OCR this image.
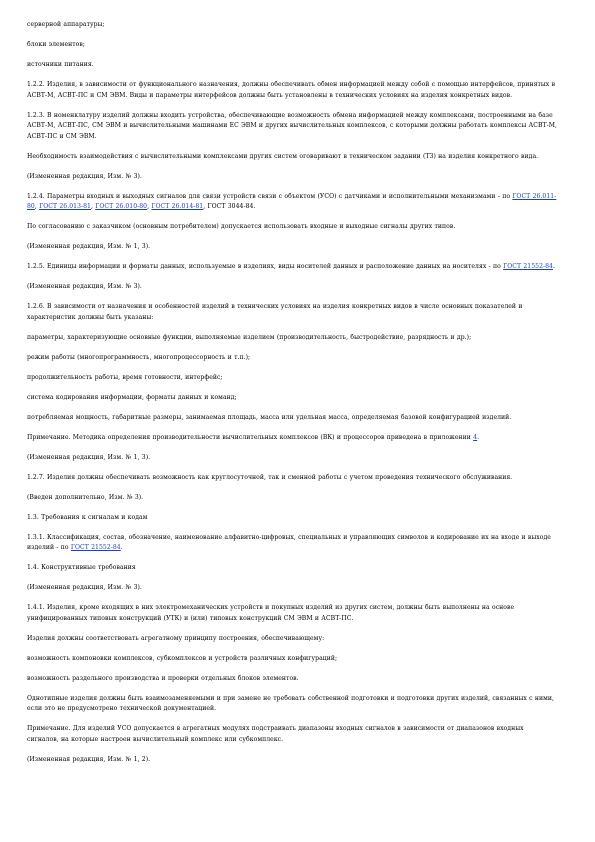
серверной аппаратуры;

блоки элементов;

источники питания.

1.2.2. Изделия, в зависимости от функционального назначения, должны обеспечивать обмен информацией между собой с помощью интерфейсов, принятых в АСВТ-М, АСВТ-ПС и СМ ЭВМ. Виды и параметры интерфейсов должны быть установлены в технических условиях на изделия конкретных видов.

1.2.3. В номенклатуру изделий должны входить устройства, обеспечивающие возможность обмена информацией между комплексами, построенными на базе АСВТ-М, АСВТ-ПС, СМ ЭВМ и вычислительными машинами ЕС ЭВМ и других вычислительных комплексов, с которыми должны работать комплексы АСВТ-М, АСВТ-ПС и СМ ЭВМ.

Необходимость взаимодействия с вычислительными комплексами других систем оговаривают в техническом задании (ТЗ) на изделия конкретного вида.

(Измененная редакция, Изм. № 3).

1.2.4. Параметры входных и выходных сигналов для связи устройств связи с объектом (УСО) с датчиками и исполнительными механизмами - по ГОСТ 26.011-80, ГОСТ 26.013-81, ГОСТ 26.010-80, ГОСТ 26.014-81, ГОСТ 3044-84.

По согласованию с заказчиком (основным потребителем) допускается использовать входные и выходные сигналы других типов.

(Измененная редакция, Изм. № 1, 3).

1.2.5. Единицы информации и форматы данных, используемые в изделиях, виды носителей данных и расположение данных на носителях - по ГОСТ 21552-84.

(Измененная редакция, Изм. № 3).

1.2.6. В зависимости от назначения и особенностей изделий в технических условиях на изделия конкретных видов в числе основных показателей и характеристик должны быть указаны:

параметры, характеризующие основные функции, выполняемые изделием (производительность, быстродействие, разрядность и др.);

режим работы (многопрограммность, многопроцессорность и т.п.);

продолжительность работы, время готовности, интерфейс;

система кодирования информации, форматы данных и команд;

потребляемая мощность, габаритные размеры, занимаемая площадь, масса или удельная масса, определяемая базовой конфигурацией изделий.

Примечание. Методика определения производительности вычислительных комплексов (ВК) и процессоров приведена в приложении 4.

(Измененная редакция, Изм. № 1, 3).

1.2.7. Изделия должны обеспечивать возможность как круглосуточной, так и сменной работы с учетом проведения технического обслуживания.

(Введен дополнительно, Изм. № 3).

1.3. Требования к сигналам и кодам

1.3.1. Классификация, состав, обозначение, наименование алфавитно-цифровых, специальных и управляющих символов и кодирование их на входе и выходе изделий - по ГОСТ 21552-84.

1.4. Конструктивные требования

(Измененная редакция, Изм. № 3).

1.4.1. Изделия, кроме входящих в них электромеханических устройств и покупных изделий из других систем, должны быть выполнены на основе унифицированных типовых конструкций (УТК) и (или) типовых конструкций СМ ЭВМ и АСВТ-ПС.

Изделия должны соответствовать агрегатному принципу построения, обеспечивающему:

возможность компоновки комплексов, субкомплексов и устройств различных конфигураций;

возможность раздельного производства и проверки отдельных блоков элементов.

Однотипные изделия должны быть взаимозаменяемыми и при замене не требовать собственной подготовки и подготовки других изделий, связанных с ними, если это не предусмотрено технической документацией.

Примечание. Для изделий УСО допускается в агрегатных модулях подстраивать диапазоны входных сигналов в зависимости от диапазонов входных сигналов, на которые настроен вычислительный комплекс или субкомплекс.

(Измененная редакция, Изм. № 1, 2).
